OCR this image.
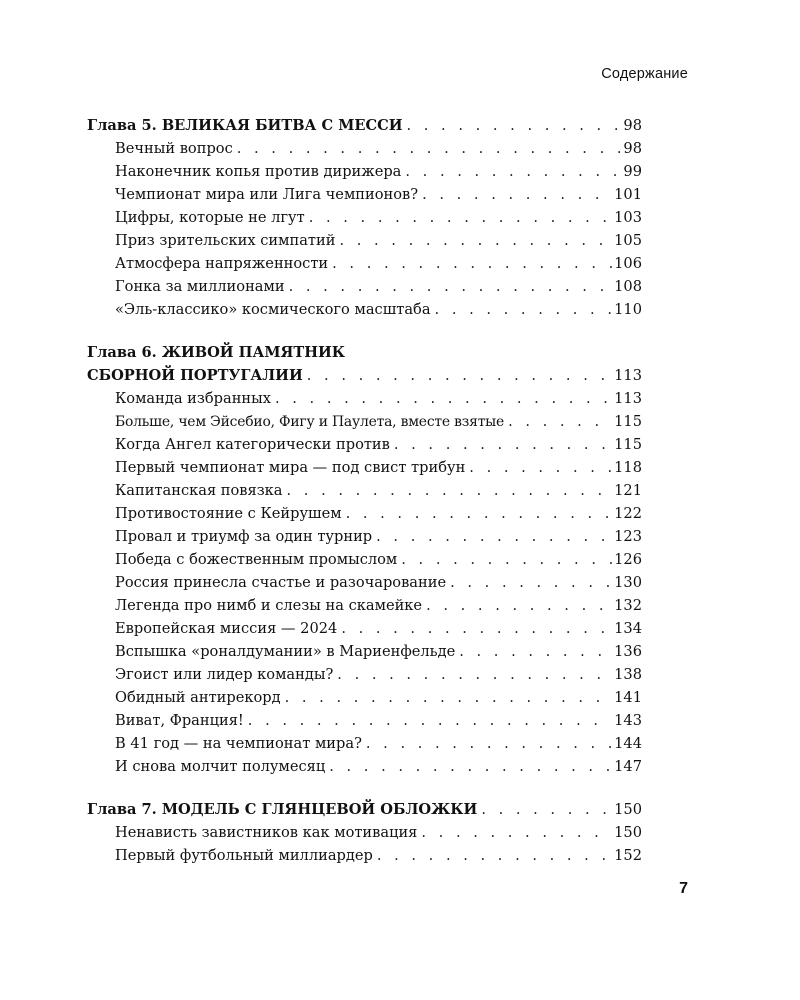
Содержание
Глава 5. ВЕЛИКАЯ БИТВА С МЕССИ . . .	98
Вечный вопрос . . .	98
Наконечник копья против дирижера . . .	99
Чемпионат мира или Лига чемпионов? . . .	101
Цифры, которые не лгут . . .	103
Приз зрительских симпатий . . .	105
Атмосфера напряженности . . .	106
Гонка за миллионами . . .	108
«Эль-классико» космического масштаба . . .	110
Глава 6. ЖИВОЙ ПАМЯТНИК
СБОРНОЙ ПОРТУГАЛИИ . . .	113
Команда избранных . . .	113
Больше, чем Эйсебио, Фигу и Паулета, вместе взятые . . .	115
Когда Ангел категорически против . . .	115
Первый чемпионат мира — под свист трибун . . .	118
Капитанская повязка . . .	121
Противостояние с Кейрушем . . .	122
Провал и триумф за один турнир . . .	123
Победа с божественным промыслом . . .	126
Россия принесла счастье и разочарование . . .	130
Легенда про нимб и слезы на скамейке . . .	132
Европейская миссия — 2024 . . .	134
Вспышка «роналдумании» в Мариенфельде . . .	136
Эгоист или лидер команды? . . .	138
Обидный антирекорд . . .	141
Виват, Франция! . . .	143
В 41 год — на чемпионат мира? . . .	144
И снова молчит полумесяц . . .	147
Глава 7. МОДЕЛЬ С ГЛЯНЦЕВОЙ ОБЛОЖКИ . . .	150
Ненависть завистников как мотивация . . .	150
Первый футбольный миллиардер . . .	152
7
